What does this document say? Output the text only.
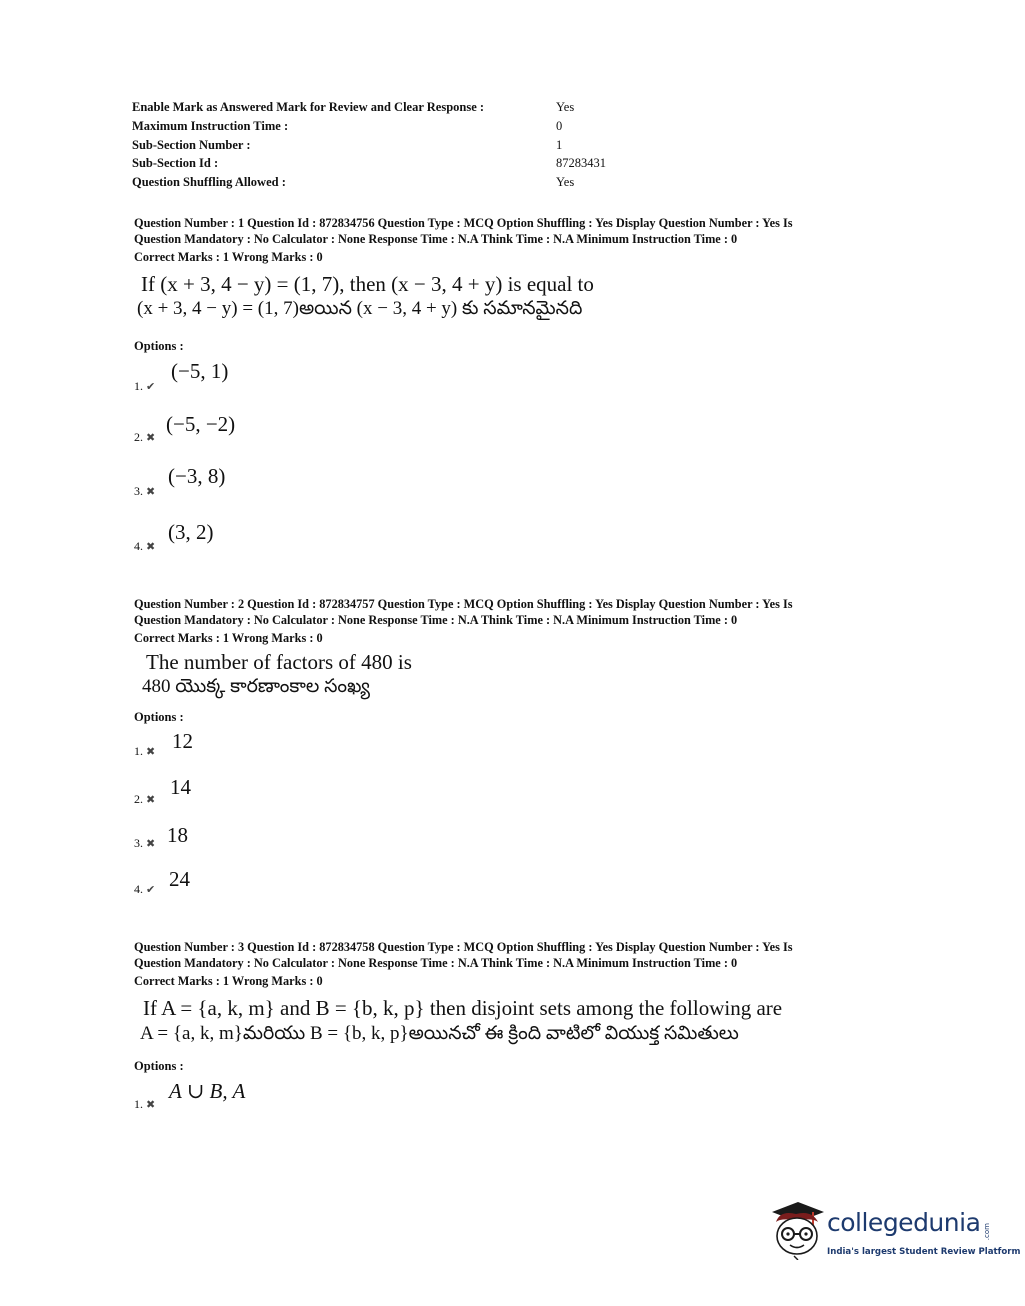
Enable Mark as Answered Mark for Review and Clear Response :	Yes
Maximum Instruction Time :	0
Sub-Section Number :	1
Sub-Section Id :	87283431
Question Shuffling Allowed :	Yes
Question Number : 1 Question Id : 872834756 Question Type : MCQ Option Shuffling : Yes Display Question Number : Yes Is
Question Mandatory : No Calculator : None Response Time : N.A Think Time : N.A Minimum Instruction Time : 0
Correct Marks : 1 Wrong Marks : 0
If (x + 3, 4 − y) = (1, 7), then (x − 3, 4 + y) is equal to
(x + 3, 4 − y) = (1, 7)అయిన (x − 3, 4 + y) కు సమానమైనది
Options :
1. ✔
(−5, 1)
2. ✖
(−5, −2)
3. ✖
(−3, 8)
4. ✖
(3, 2)
Question Number : 2 Question Id : 872834757 Question Type : MCQ Option Shuffling : Yes Display Question Number : Yes Is
Question Mandatory : No Calculator : None Response Time : N.A Think Time : N.A Minimum Instruction Time : 0
Correct Marks : 1 Wrong Marks : 0
The number of factors of 480 is
480 యొక్క కారణాంకాల సంఖ్య
Options :
1. ✖ 12
2. ✖
14
3. ✖ 18
4. ✔ 24
Question Number : 3 Question Id : 872834758 Question Type : MCQ Option Shuffling : Yes Display Question Number : Yes Is
Question Mandatory : No Calculator : None Response Time : N.A Think Time : N.A Minimum Instruction Time : 0
Correct Marks : 1 Wrong Marks : 0
If A = {a, k, m} and B = {b, k, p} then disjoint sets among the following are
A = {a, k, m}మరియు B = {b, k, p}అయినచో ఈ క్రింది వాటిలో వియుక్త సమితులు
Options :
1. ✖
A ∪ B, A
collegedunia .com
India's largest Student Review Platform
